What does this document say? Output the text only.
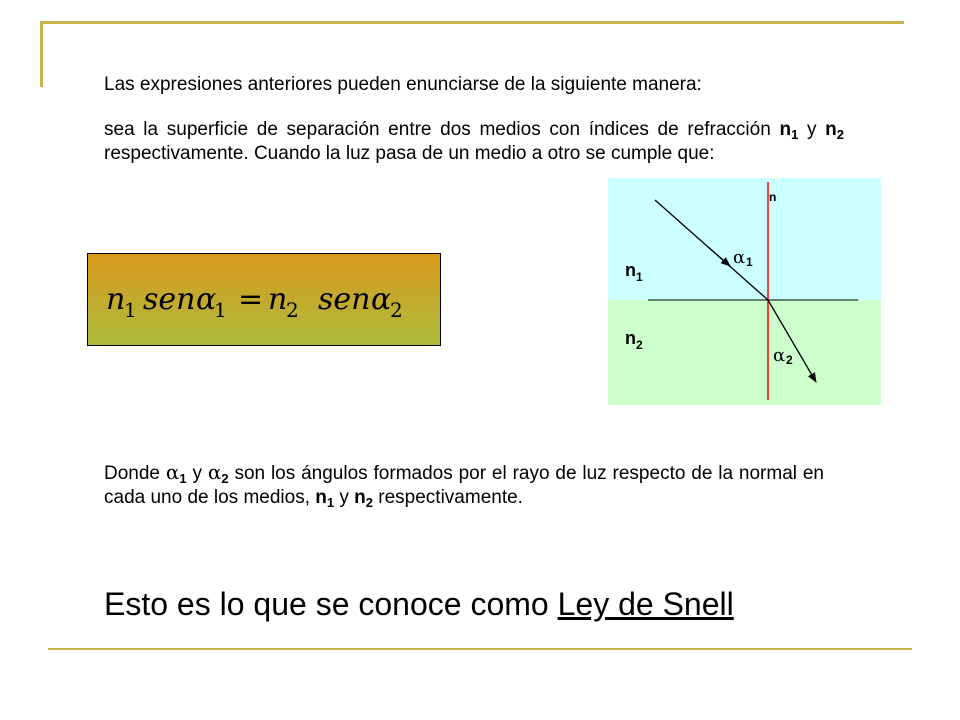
Las expresiones anteriores pueden enunciarse de la siguiente manera:

sea la superficie de separación entre dos medios con índices de refracción $n_1$ y $n_2$ respectivamente. Cuando la luz pasa de un medio a otro se cumple que:

n
1 sen α
1 = n
2 sen α
2
n
n 1
n 2
α 1
α 2

Donde $\alpha_1$ y $\alpha_2$ son los ángulos formados por el rayo de luz respecto de la normal en cada uno de los medios, $n_1$ y $n_2$ respectivamente.

Esto es lo que se conoce como Ley de Snell
